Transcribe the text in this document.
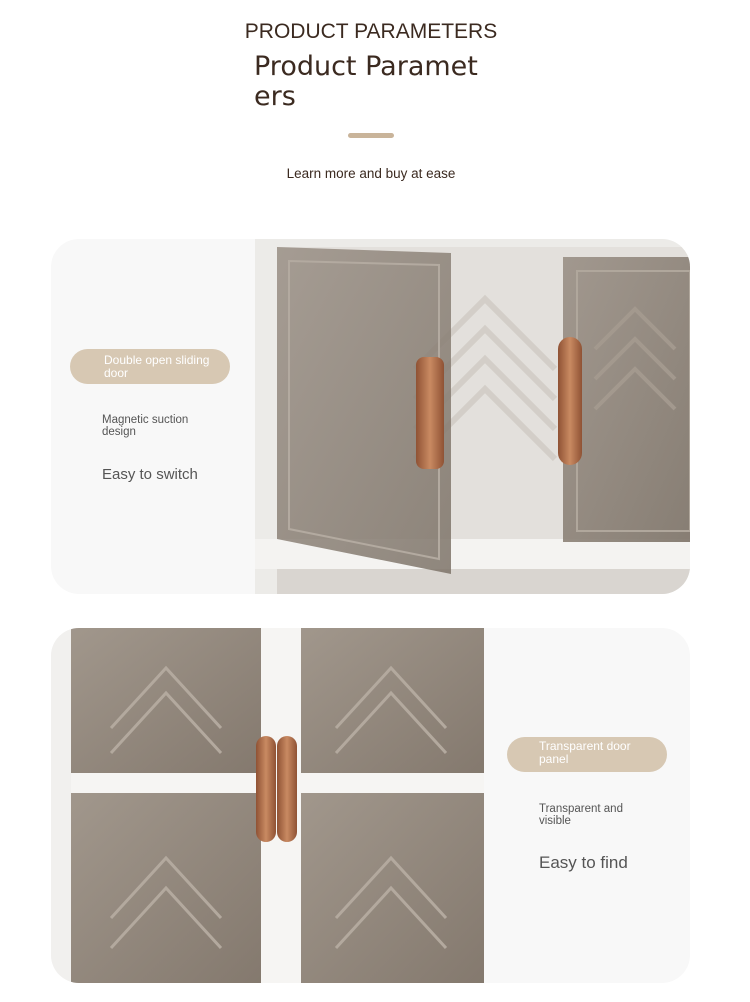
PRODUCT PARAMETERS
Product Parameters
Learn more and buy at ease
Double open sliding door
Magnetic suction design
Easy to switch
Transparent door panel
Transparent and visible
Easy to find
